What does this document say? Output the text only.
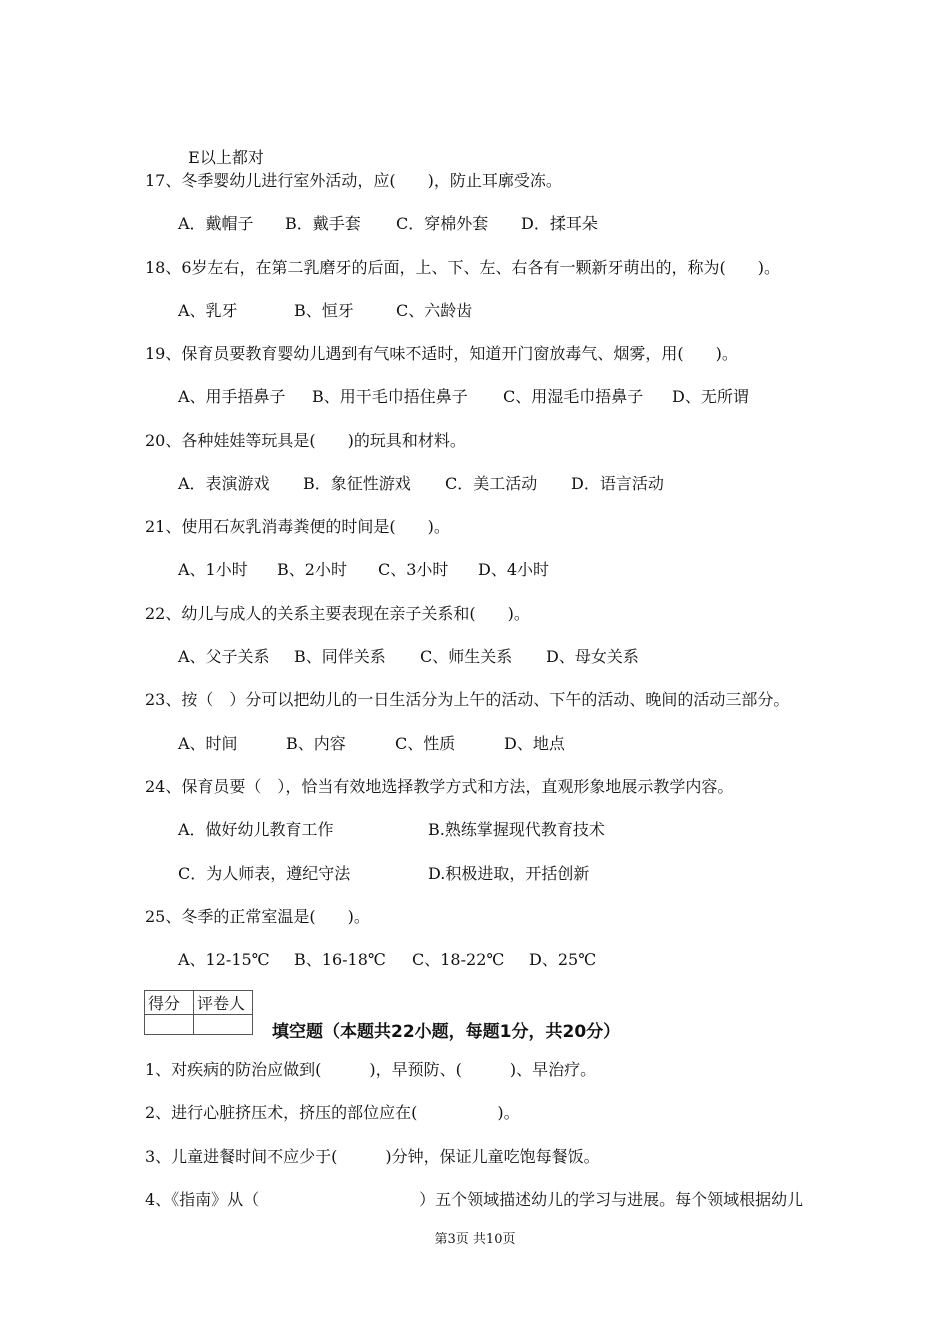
E以上都对

17、冬季婴幼儿进行室外活动，应(　　)，防止耳廓受冻。
A．戴帽子 B．戴手套 C．穿棉外套 D．揉耳朵
18、6岁左右，在第二乳磨牙的后面，上、下、左、右各有一颗新牙萌出的，称为(　　)。
A、乳牙	B、恒牙	C、六龄齿
19、保育员要教育婴幼儿遇到有气味不适时，知道开门窗放毒气、烟雾，用(　　)。
A、用手捂鼻子 B、用干毛巾捂住鼻子 C、用湿毛巾捂鼻子 D、无所谓
20、各种娃娃等玩具是(　　)的玩具和材料。
A．表演游戏 B．象征性游戏 C．美工活动 D．语言活动
21、使用石灰乳消毒粪便的时间是(　　)。
A、1小时 B、2小时 C、3小时 D、4小时
22、幼儿与成人的关系主要表现在亲子关系和(　　)。
A、父子关系 B、同伴关系 C、师生关系 D、母女关系
23、按（　）分可以把幼儿的一日生活分为上午的活动、下午的活动、晚间的活动三部分。
A、时间	B、内容	C、性质	D、地点
24、保育员要（　），恰当有效地选择教学方式和方法，直观形象地展示教学内容。
A．做好幼儿教育工作	B.熟练掌握现代教育技术
C．为人师表，遵纪守法	D.积极进取，开括创新
25、冬季的正常室温是(　　)。
A、12-15℃ B、16-18℃ C、18-22℃ D、25℃
得分	评卷人

填空题（本题共22小题，每题1分，共20分）
1、对疾病的防治应做到(　　　)，早预防、(　　　)、早治疗。
2、进行心脏挤压术，挤压的部位应在(　　　　　)。
3、儿童进餐时间不应少于(　　　)分钟，保证儿童吃饱每餐饭。
4、《指南》从（　　　　　　　　　　）五个领域描述幼儿的学习与进展。每个领域根据幼儿
第3页 共10页
